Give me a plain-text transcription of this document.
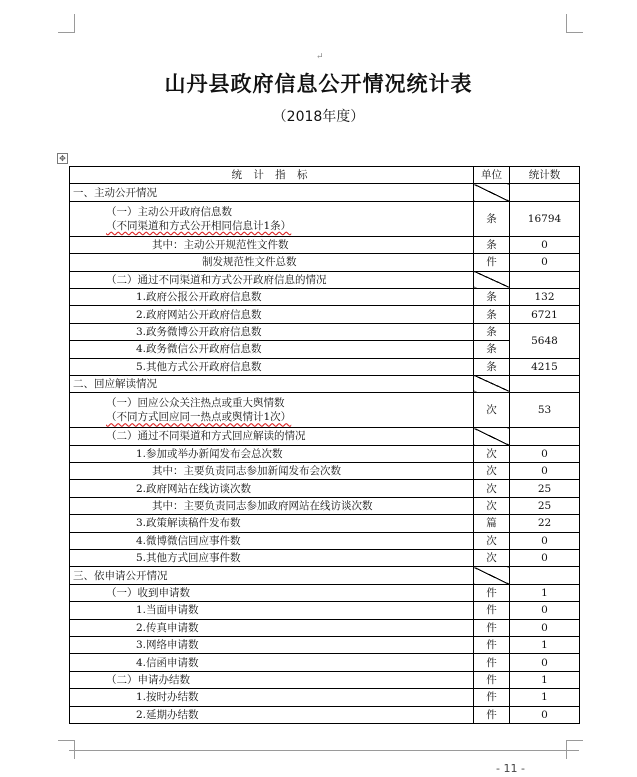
↵
山丹县政府信息公开情况统计表
（2018年度）
✥
统 计 指 标	单位	统计数
一、主动公开情况		
（一）主动公开政府信息数
（不同渠道和方式公开相同信息计1条）	条	16794
其中：主动公开规范性文件数	条	0
制发规范性文件总数	件	0
（二）通过不同渠道和方式公开政府信息的情况		
1.政府公报公开政府信息数	条	132
2.政府网站公开政府信息数	条	6721
3.政务微博公开政府信息数	条	5648
4.政务微信公开政府信息数	条	
5.其他方式公开政府信息数	条	4215
二、回应解读情况		
（一）回应公众关注热点或重大舆情数
（不同方式回应同一热点或舆情计1次）	次	53
（二）通过不同渠道和方式回应解读的情况		
1.参加或举办新闻发布会总次数	次	0
其中：主要负责同志参加新闻发布会次数	次	0
2.政府网站在线访谈次数	次	25
其中：主要负责同志参加政府网站在线访谈次数	次	25
3.政策解读稿件发布数	篇	22
4.微博微信回应事件数	次	0
5.其他方式回应事件数	次	0
三、依申请公开情况		
（一）收到申请数	件	1
1.当面申请数	件	0
2.传真申请数	件	0
3.网络申请数	件	1
4.信函申请数	件	0
（二）申请办结数	件	1
1.按时办结数	件	1
2.延期办结数	件	0
- 11 -
